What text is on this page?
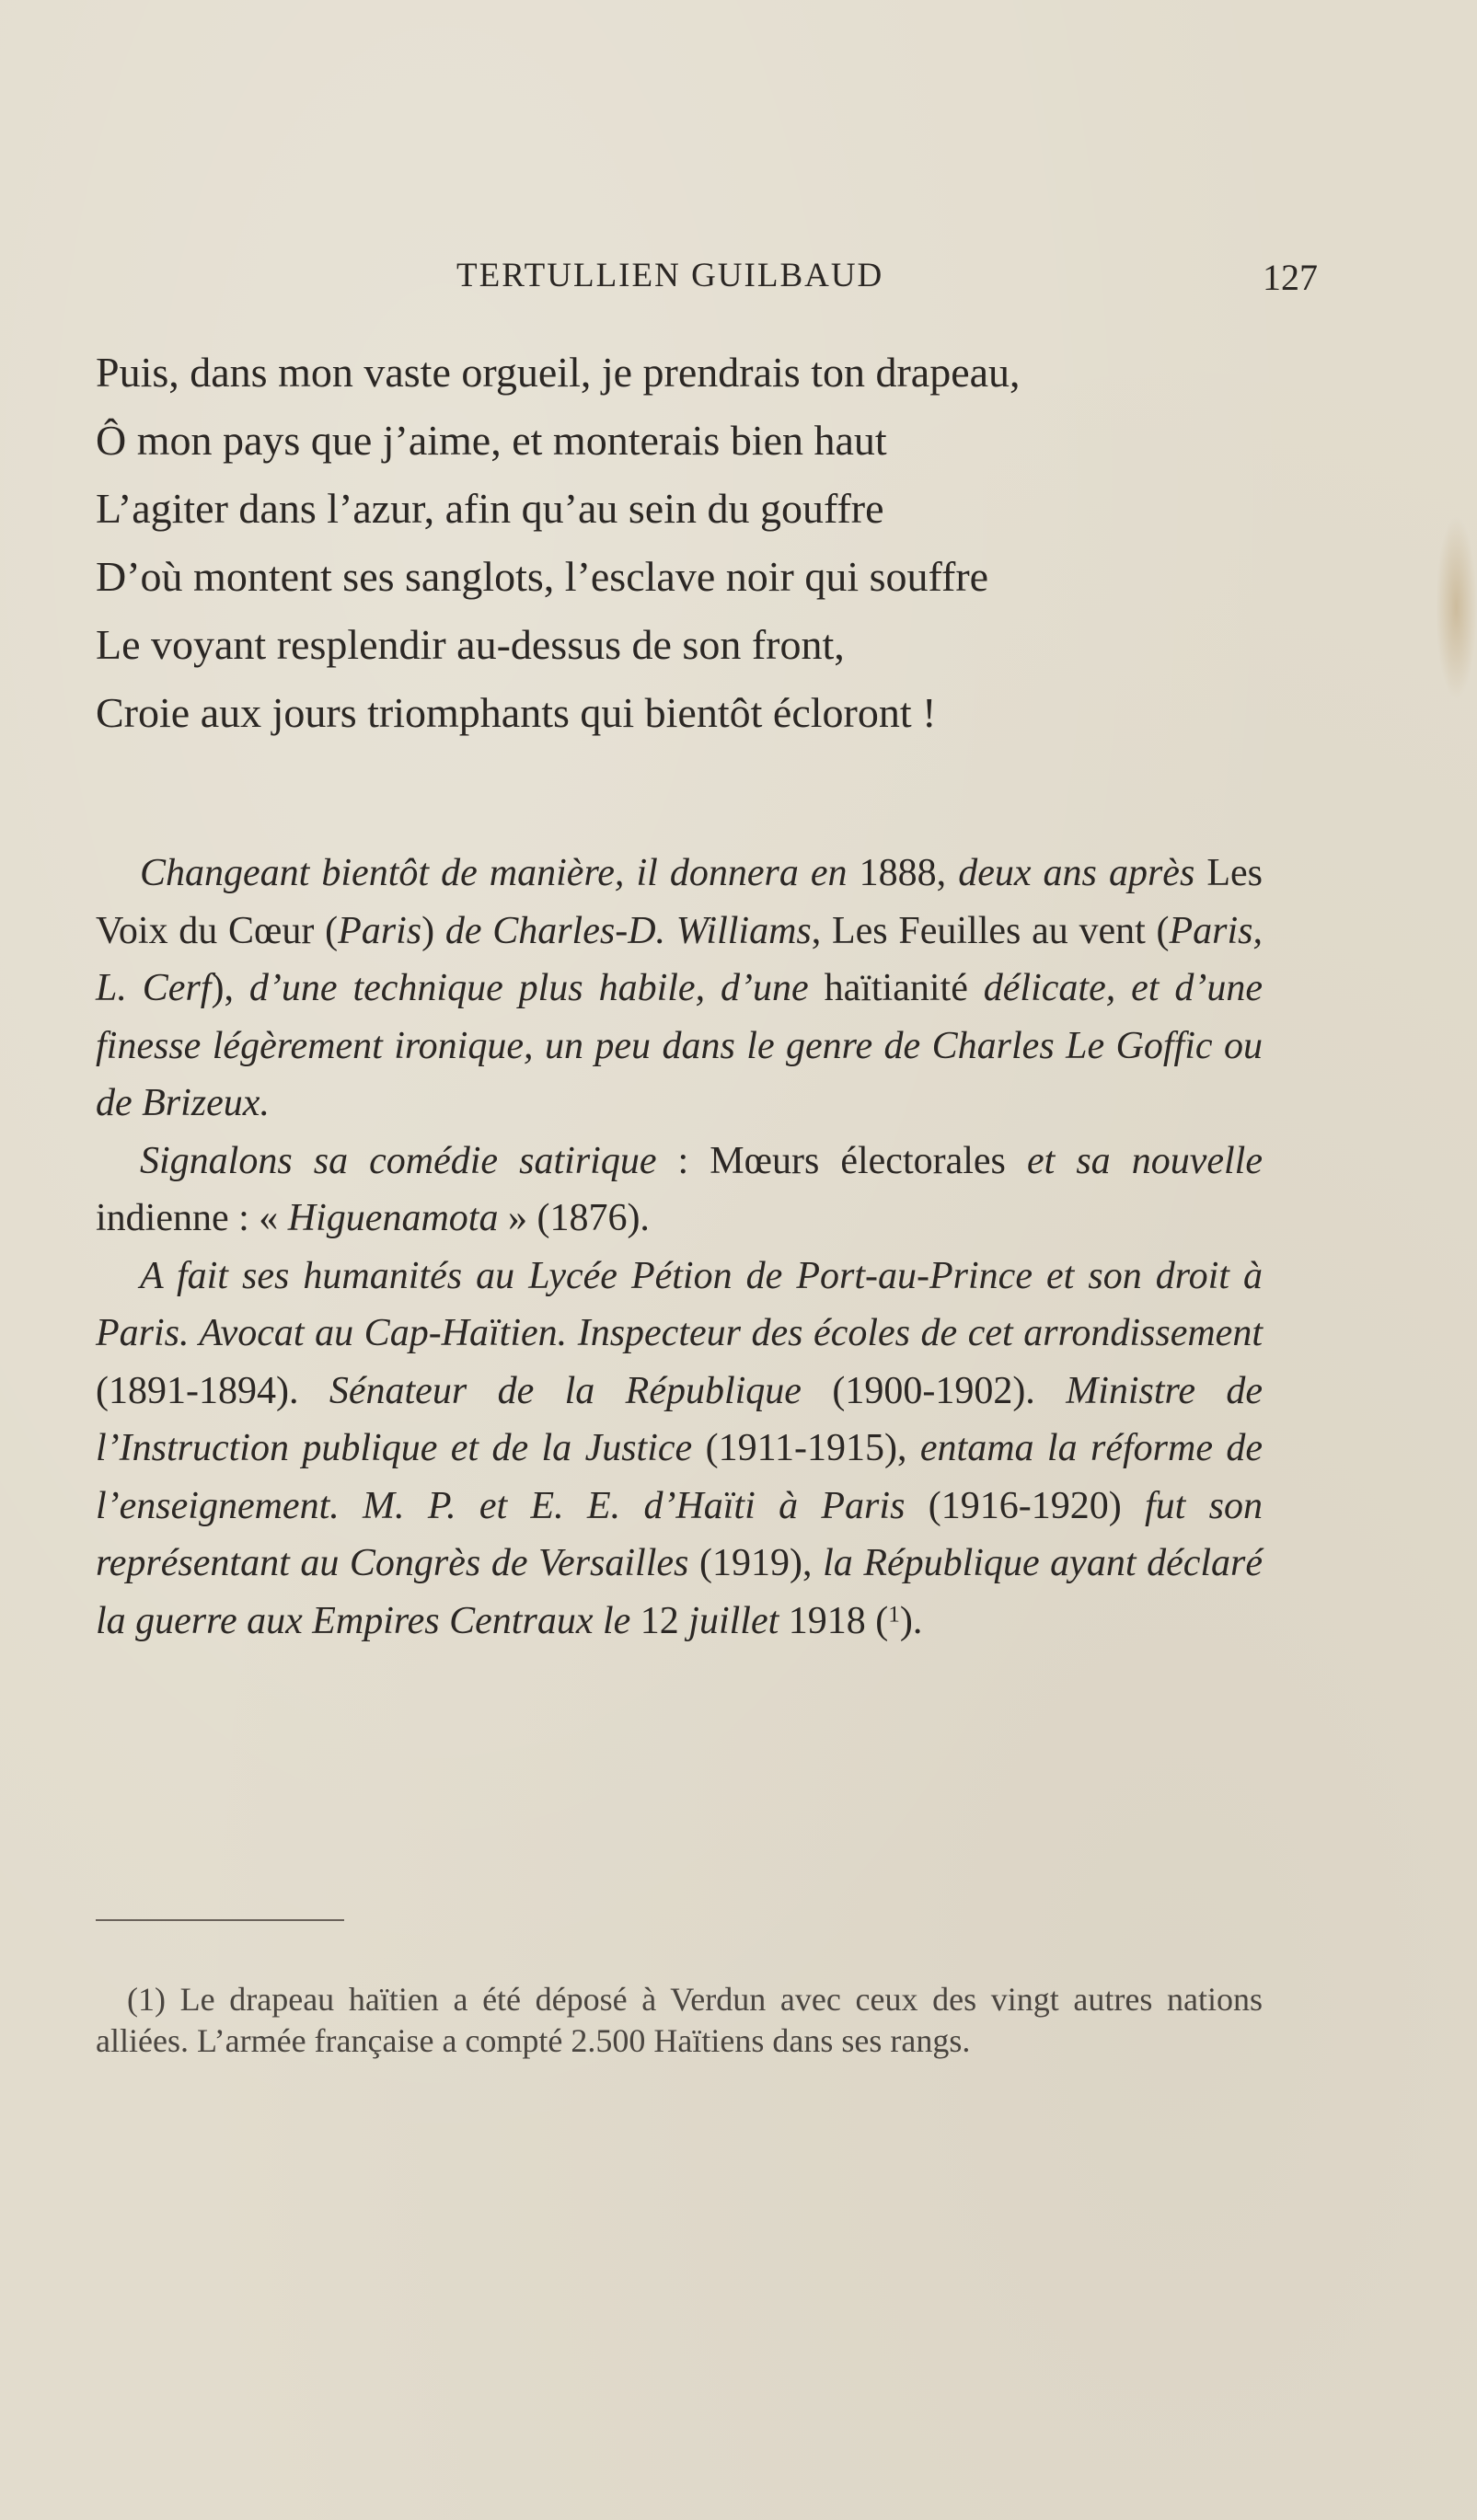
TERTULLIEN GUILBAUD	127
Puis, dans mon vaste orgueil, je prendrais ton drapeau,
Ô mon pays que j’aime, et monterais bien haut
L’agiter dans l’azur, afin qu’au sein du gouffre
D’où montent ses sanglots, l’esclave noir qui souffre
Le voyant resplendir au-dessus de son front,
Croie aux jours triomphants qui bientôt écloront !

Changeant bientôt de manière, il donnera en 1888, deux ans après Les Voix du Cœur (Paris) de Charles-D. Williams, Les Feuilles au vent (Paris, L. Cerf), d’une technique plus habile, d’une haïtianité délicate, et d’une finesse légèrement ironique, un peu dans le genre de Charles Le Goffic ou de Brizeux.

Signalons sa comédie satirique : Mœurs électorales et sa nouvelle indienne : « Higuenamota » (1876).

A fait ses humanités au Lycée Pétion de Port-au-Prince et son droit à Paris. Avocat au Cap-Haïtien. Inspecteur des écoles de cet arrondissement (1891-1894). Sénateur de la République (1900-1902). Ministre de l’Instruction publique et de la Justice (1911-1915), entama la réforme de l’enseignement. M. P. et E. E. d’Haïti à Paris (1916-1920) fut son représentant au Congrès de Versailles (1919), la République ayant déclaré la guerre aux Empires Centraux le 12 juillet 1918 ($^1$).

(1) Le drapeau haïtien a été déposé à Verdun avec ceux des vingt autres nations alliées. L’armée française a compté 2.500 Haïtiens dans ses rangs.
